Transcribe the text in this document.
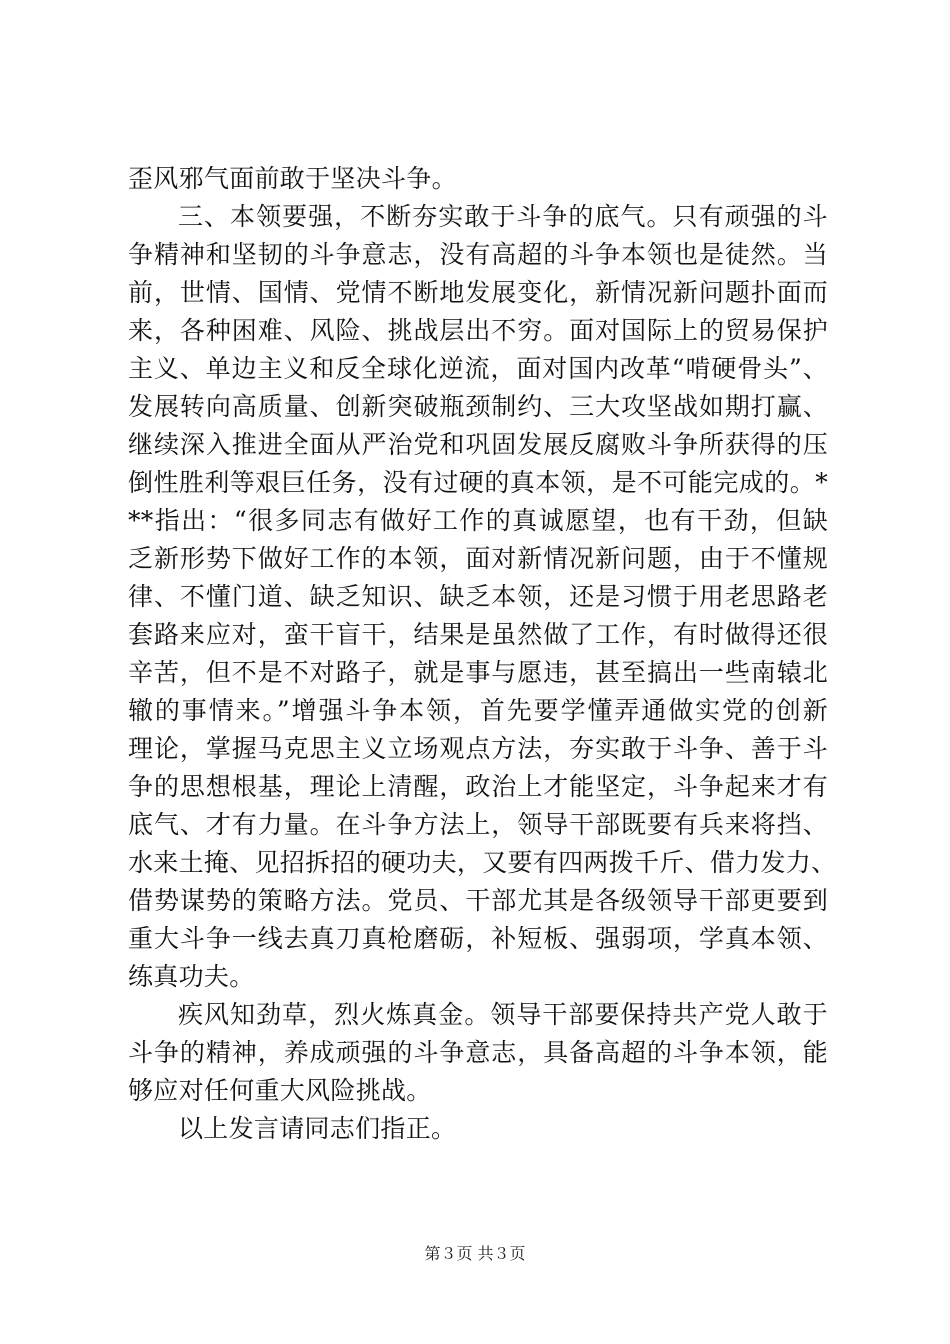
歪风邪气面前敢于坚决斗争。
三、本领要强，不断夯实敢于斗争的底气。只有顽强的斗
争精神和坚韧的斗争意志，没有高超的斗争本领也是徒然。当
前，世情、国情、党情不断地发展变化，新情况新问题扑面而
来，各种困难、风险、挑战层出不穷。面对国际上的贸易保护
主义、单边主义和反全球化逆流，面对国内改革“啃硬骨头”、
发展转向高质量、创新突破瓶颈制约、三大攻坚战如期打赢、
继续深入推进全面从严治党和巩固发展反腐败斗争所获得的压
倒性胜利等艰巨任务，没有过硬的真本领，是不可能完成的。*
**指出：“很多同志有做好工作的真诚愿望，也有干劲，但缺
乏新形势下做好工作的本领，面对新情况新问题，由于不懂规
律、不懂门道、缺乏知识、缺乏本领，还是习惯于用老思路老
套路来应对，蛮干盲干，结果是虽然做了工作，有时做得还很
辛苦，但不是不对路子，就是事与愿违，甚至搞出一些南辕北
辙的事情来。”增强斗争本领，首先要学懂弄通做实党的创新
理论，掌握马克思主义立场观点方法，夯实敢于斗争、善于斗
争的思想根基，理论上清醒，政治上才能坚定，斗争起来才有
底气、才有力量。在斗争方法上，领导干部既要有兵来将挡、
水来土掩、见招拆招的硬功夫，又要有四两拨千斤、借力发力、
借势谋势的策略方法。党员、干部尤其是各级领导干部更要到
重大斗争一线去真刀真枪磨砺，补短板、强弱项，学真本领、
练真功夫。
疾风知劲草，烈火炼真金。领导干部要保持共产党人敢于
斗争的精神，养成顽强的斗争意志，具备高超的斗争本领，能
够应对任何重大风险挑战。
以上发言请同志们指正。
第３页 共３页
